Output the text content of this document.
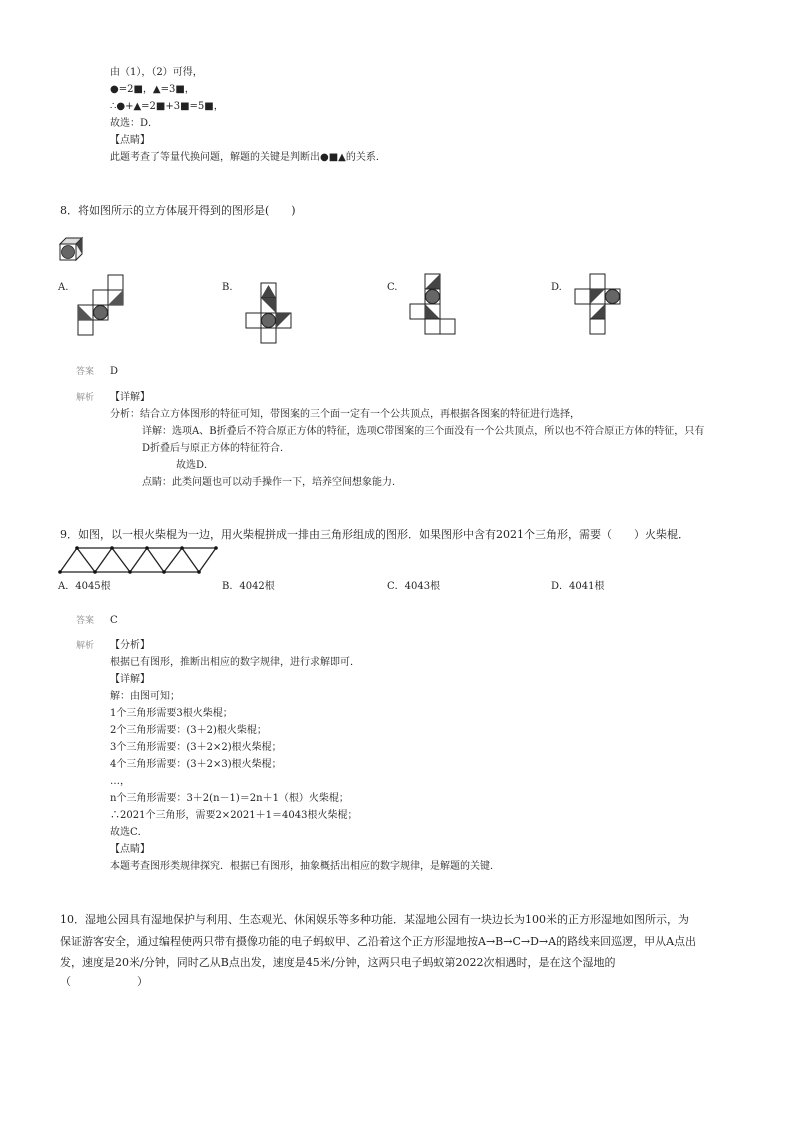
由（1），（2）可得，
●=2■，▲=3■，
∴●+▲=2■+3■=5■，
故选：D．
【点睛】
此题考查了等量代换问题，解题的关键是判断出●■▲的关系．
8．将如图所示的立方体展开得到的图形是(　　)
A.	B.	C.	D.
答案 D
解析 【详解】
分析：结合立方体图形的特征可知，带图案的三个面一定有一个公共顶点，再根据各图案的特征进行选择，
详解：选项A、B折叠后不符合原正方体的特征，选项C带图案的三个面没有一个公共顶点，所以也不符合原正方体的特征，只有
D折叠后与原正方体的特征符合．
故选D．
点睛：此类问题也可以动手操作一下，培养空间想象能力．
9．如图，以一根火柴棍为一边，用火柴棍拼成一排由三角形组成的图形．如果图形中含有2021个三角形，需要（　　）火柴棍．
A．4045根	B．4042根	C．4043根	D．4041根
答案 C
解析 【分析】
根据已有图形，推断出相应的数字规律，进行求解即可．
【详解】
解：由图可知；
1个三角形需要3根火柴棍；
2个三角形需要：(3＋2)根火柴棍；
3个三角形需要：(3＋2×2)根火柴棍；
4个三角形需要：(3＋2×3)根火柴棍；
…，
n个三角形需要：3＋2(n－1)＝2n＋1（根）火柴棍；
∴2021个三角形，需要2×2021＋1＝4043根火柴棍；
故选C．
【点睛】
本题考查图形类规律探究．根据已有图形，抽象概括出相应的数字规律，是解题的关键．
10．湿地公园具有湿地保护与利用、生态观光、休闲娱乐等多种功能．某湿地公园有一块边长为100米的正方形湿地如图所示，为
保证游客安全，通过编程使两只带有摄像功能的电子蚂蚁甲、乙沿着这个正方形湿地按A→B→C→D→A的路线来回巡逻，甲从A点出
发，速度是20米/分钟，同时乙从B点出发，速度是45米/分钟，这两只电子蚂蚁第2022次相遇时，是在这个湿地的
（　　　　　　）
